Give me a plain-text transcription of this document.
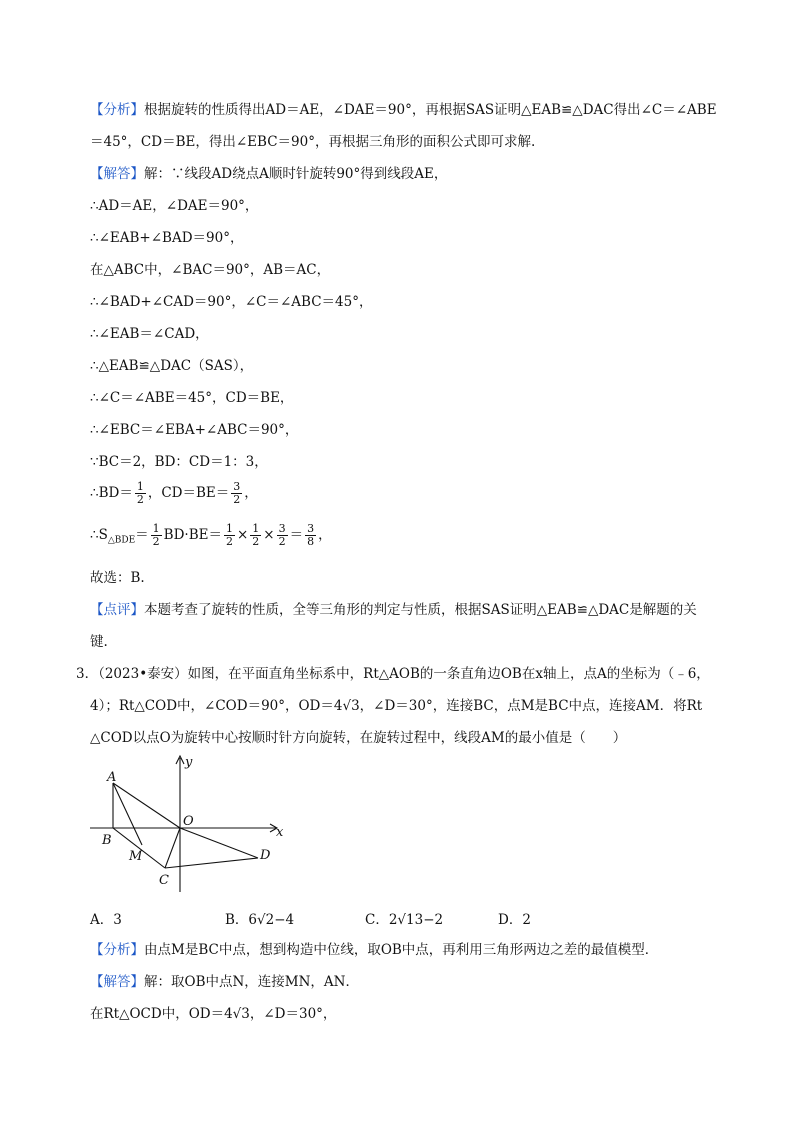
【分析】根据旋转的性质得出AD＝AE，∠DAE＝90°，再根据SAS证明△EAB≌△DAC得出∠C＝∠ABE
＝45°，CD＝BE，得出∠EBC＝90°，再根据三角形的面积公式即可求解.
【解答】解：∵线段AD绕点A顺时针旋转90°得到线段AE，
∴AD＝AE，∠DAE＝90°，
∴∠EAB+∠BAD＝90°，
在△ABC中，∠BAC＝90°，AB＝AC，
∴∠BAD+∠CAD＝90°，∠C＝∠ABC＝45°，
∴∠EAB＝∠CAD，
∴△EAB≌△DAC（SAS），
∴∠C＝∠ABE＝45°，CD＝BE，
∴∠EBC＝∠EBA+∠ABC＝90°，
∵BC＝2，BD：CD＝1：3，
∴BD＝ $\frac{1}{2}$ ，$CD=BE= \frac{3}{2}$ ，
$\therefore S_{\triangle BDE}= \frac{1}{2} BD\cdot BE= \frac{1}{2} \times \frac{1}{2} \times \frac{3}{2} = \frac{3}{8}$ ，
故选：B.
【点评】本题考查了旋转的性质，全等三角形的判定与性质，根据SAS证明△EAB≌△DAC是解题的关
键.
3．（2023•泰安）如图，在平面直角坐标系中，Rt△AOB的一条直角边OB在x轴上，点A的坐标为（﹣6，
4）；Rt△COD中，∠COD＝90°，OD＝4√3，∠D＝30°，连接BC，点M是BC中点，连接AM．将Rt
△COD以点O为旋转中心按顺时针方向旋转，在旋转过程中，线段AM的最小值是（　　）
A
B
M
C
O
D
x
y
A．3	B．6√2−4	C．2√13−2	D．2
【分析】由点M是BC中点，想到构造中位线，取OB中点，再利用三角形两边之差的最值模型．
【解答】解：取OB中点N，连接MN，AN．
在Rt△OCD中，OD＝4√3，∠D＝30°，
